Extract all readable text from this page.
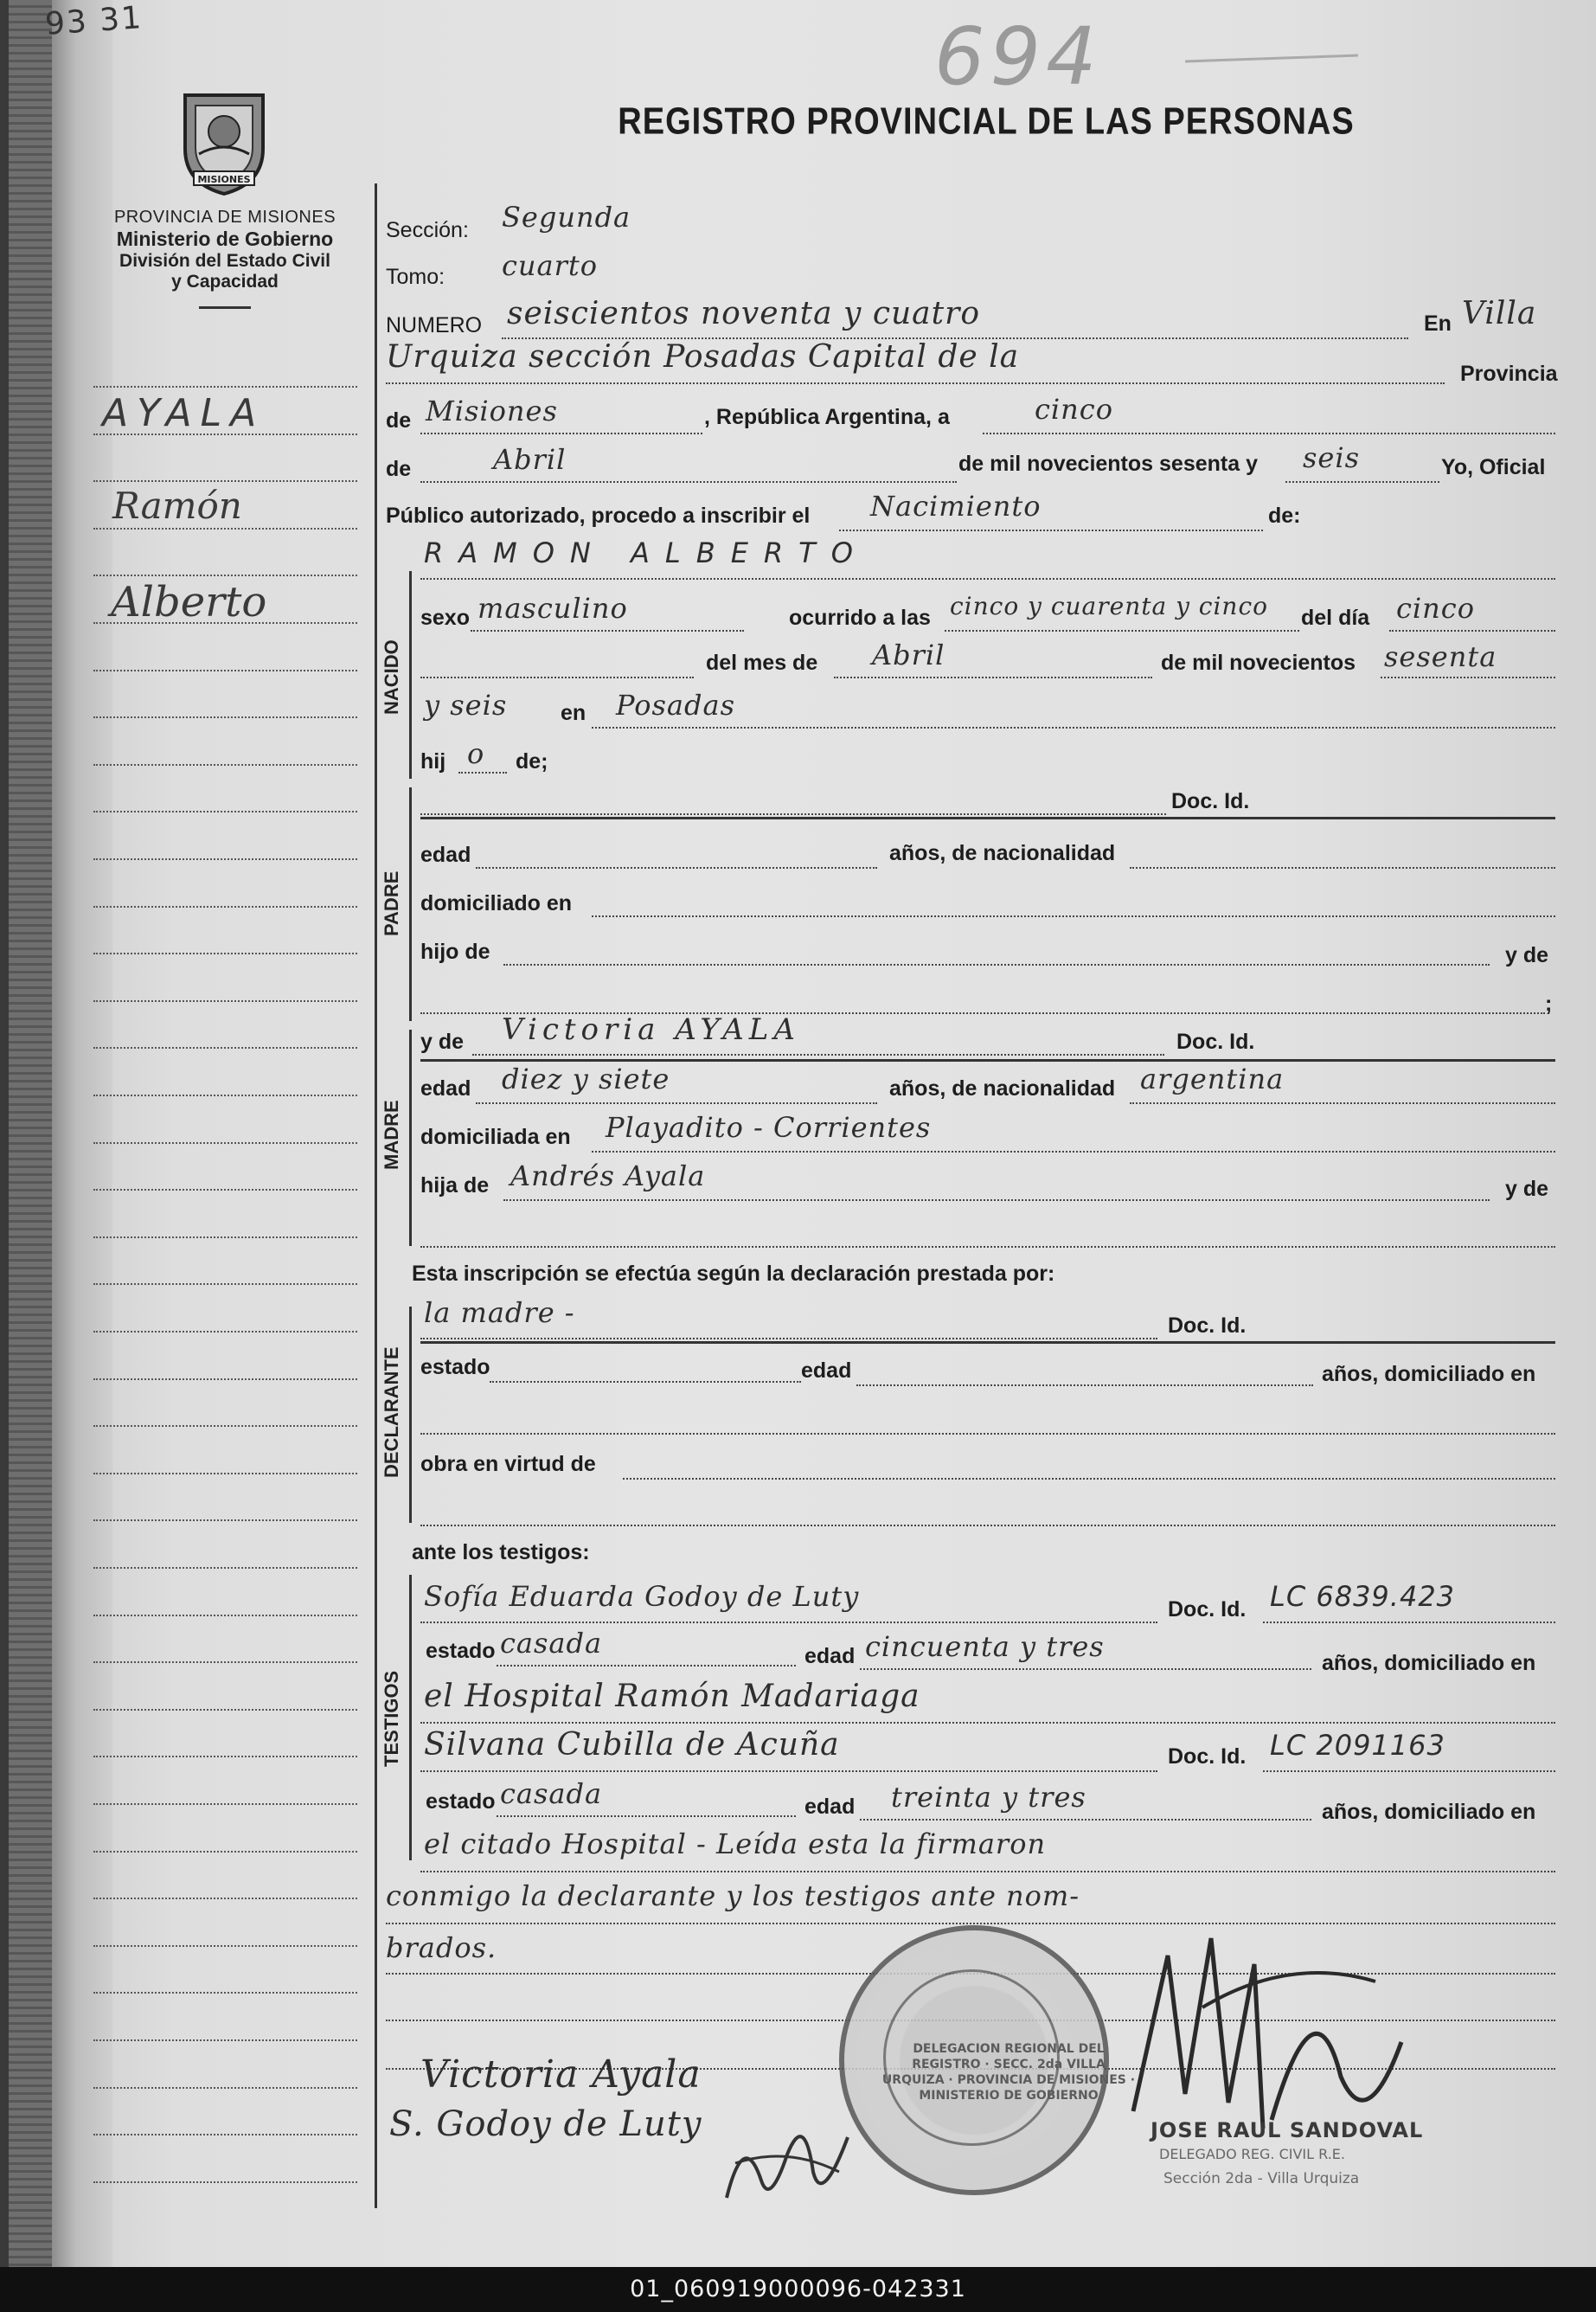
93 31	694
MISIONES
REGISTRO PROVINCIAL DE LAS PERSONAS
PROVINCIA DE MISIONES
Ministerio de Gobierno
División del Estado Civil
y Capacidad
AYALA
Ramón
Alberto
Sección: Segunda
Tomo: cuarto
NUMERO seiscientos noventa y cuatro	En Villa
Urquiza sección Posadas Capital de la	Provincia
de Misiones	, República Argentina, a	cinco
de	Abril	de mil novecientos sesenta y seis	Yo, Oficial
Público autorizado, procedo a inscribir el Nacimiento	de:
NACIDO
RAMON ALBERTO
sexo masculino	ocurrido a las cinco y cuarenta y cinco del día cinco
del mes de Abril	de mil novecientos sesenta
y seis en Posadas
hij o de;
PADRE
Doc. Id.
edad	años, de nacionalidad
domiciliado en
hijo de	y de
;
MADRE
y de Victoria AYALA	Doc. Id.
edad diez y siete	años, de nacionalidad argentina
domiciliada en Playadito - Corrientes
hija de Andrés Ayala	y de
Esta inscripción se efectúa según la declaración prestada por:
DECLARANTE
la madre -	Doc. Id.
estado	edad	años, domiciliado en
obra en virtud de
ante los testigos:
TESTIGOS
Sofía Eduarda Godoy de Luty	Doc. Id. LC 6839.423
estado casada	edad cincuenta y tres	años, domiciliado en
el Hospital Ramón Madariaga
Silvana Cubilla de Acuña	Doc. Id. LC 2091163
estado casada	edad treinta y tres	años, domiciliado en
el citado Hospital - Leída esta la firmaron
conmigo la declarante y los testigos ante nom-
brados.
DELEGACION REGIONAL DEL REGISTRO · SECC. 2da VILLA URQUIZA · PROVINCIA DE MISIONES · MINISTERIO DE GOBIERNO
Victoria Ayala
S. Godoy de Luty	JOSE RAUL SANDOVAL
DELEGADO REG. CIVIL R.E.
Sección 2da - Villa Urquiza
01_060919000096-042331
